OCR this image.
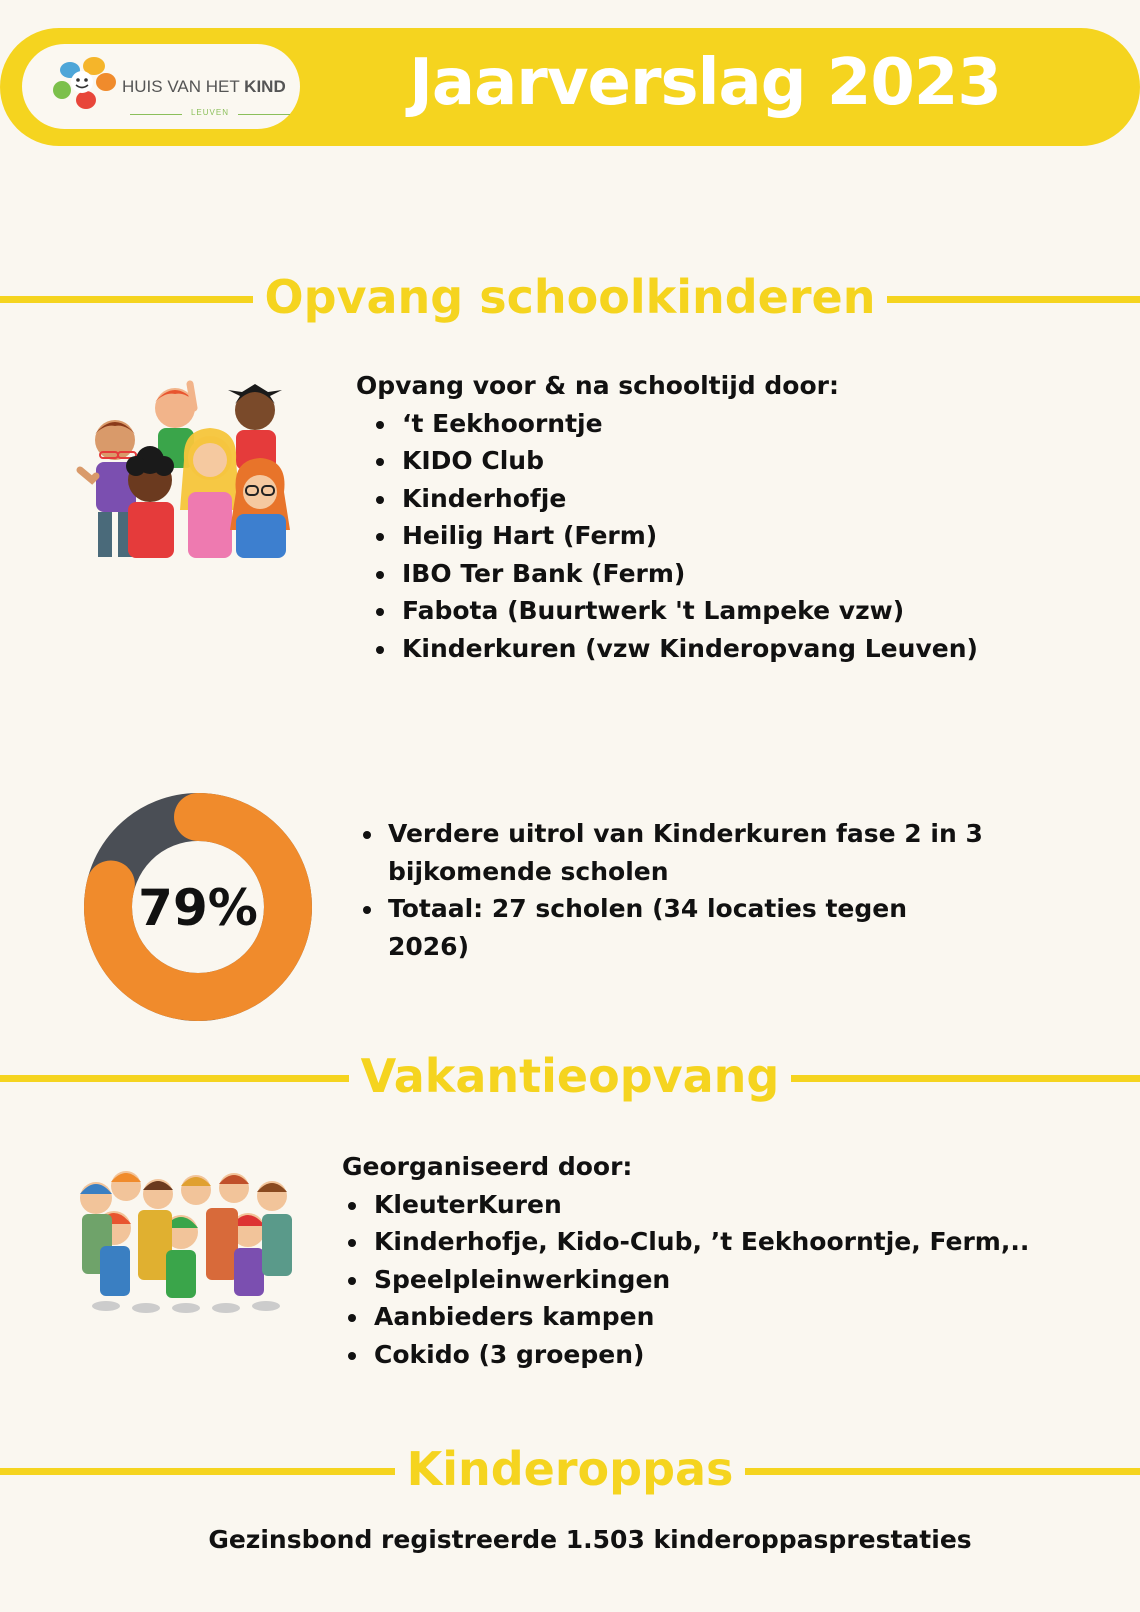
HUIS VAN HET KIND
LEUVEN	Jaarverslag 2023
Opvang schoolkinderen
Opvang voor & na schooltijd door:
‘t Eekhoorntje
KIDO Club
Kinderhofje
Heilig Hart (Ferm)
IBO Ter Bank (Ferm)
Fabota (Buurtwerk 't Lampeke vzw)
Kinderkuren (vzw Kinderopvang Leuven)
79%
Verdere uitrol van Kinderkuren fase 2 in 3 bijkomende scholen
Totaal: 27 scholen (34 locaties tegen 2026)
Vakantieopvang
Georganiseerd door:
KleuterKuren
Kinderhofje, Kido-Club, ’t Eekhoorntje, Ferm,..
Speelpleinwerkingen
Aanbieders kampen
Cokido (3 groepen)
Kinderoppas
Gezinsbond registreerde 1.503 kinderoppasprestaties
